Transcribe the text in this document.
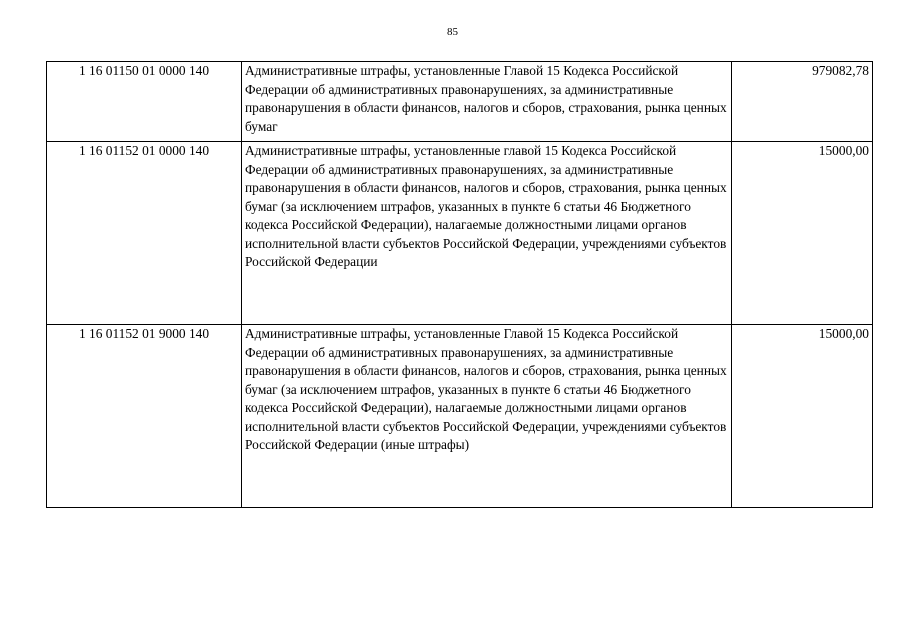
85
1 16 01150 01 0000 140	Административные штрафы, установленные Главой 15 Кодекса Российской Федерации об административных правонарушениях, за административные правонарушения в области финансов, налогов и сборов, страхования, рынка ценных бумаг	979082,78
1 16 01152 01 0000 140	Административные штрафы, установленные главой 15 Кодекса Российской Федерации об административных правонарушениях, за административные правонарушения в области финансов, налогов и сборов, страхования, рынка ценных бумаг (за исключением штрафов, указанных в пункте 6 статьи 46 Бюджетного кодекса Российской Федерации), налагаемые должностными лицами органов исполнительной власти субъектов Российской Федерации, учреждениями субъектов Российской Федерации	15000,00
1 16 01152 01 9000 140	Административные штрафы, установленные Главой 15 Кодекса Российской Федерации об административных правонарушениях, за административные правонарушения в области финансов, налогов и сборов, страхования, рынка ценных бумаг (за исключением штрафов, указанных в пункте 6 статьи 46 Бюджетного кодекса Российской Федерации), налагаемые должностными лицами органов исполнительной власти субъектов Российской Федерации, учреждениями субъектов Российской Федерации (иные штрафы)	15000,00
